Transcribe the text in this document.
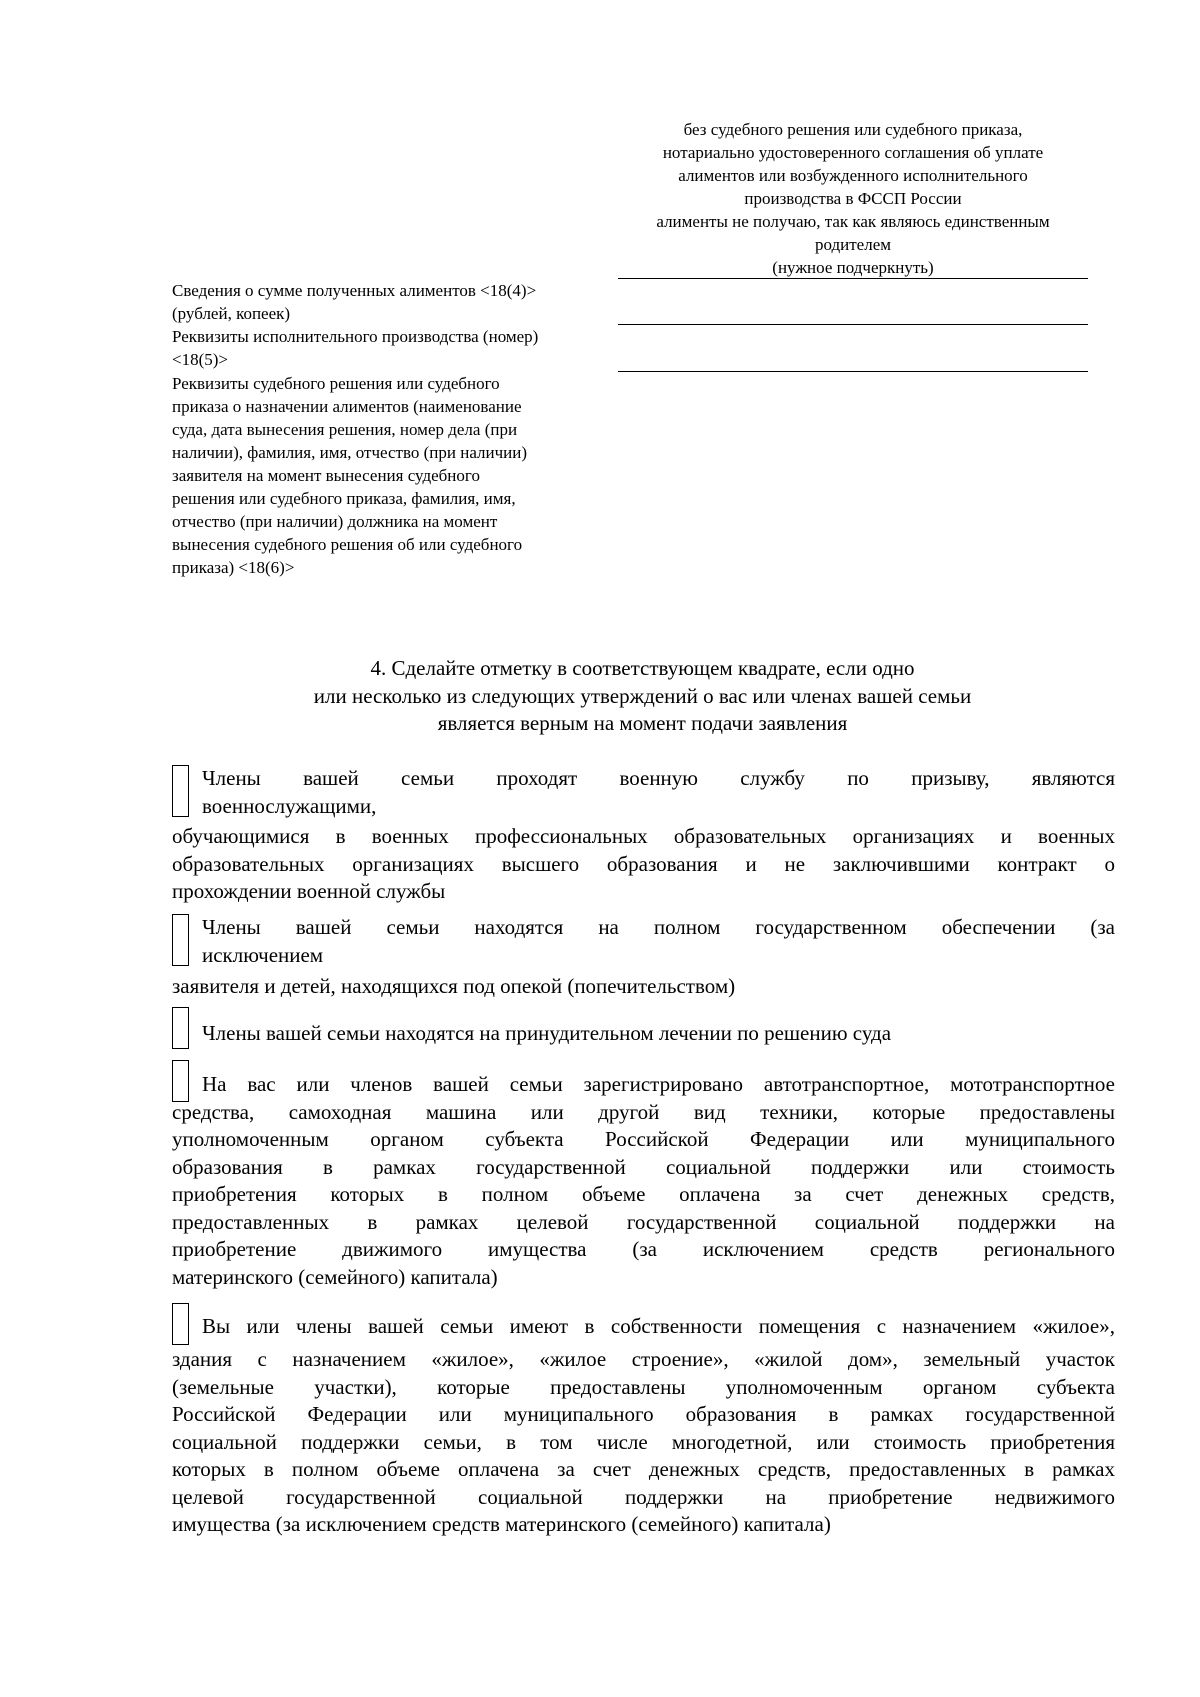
без судебного решения или судебного приказа,
нотариально удостоверенного соглашения об уплате
алиментов или возбужденного исполнительного
производства в ФССП России
алименты не получаю, так как являюсь единственным
родителем
(нужное подчеркнуть)
Сведения о сумме полученных алиментов <18(4)>
(рублей, копеек)
Реквизиты исполнительного производства (номер)
<18(5)>
Реквизиты судебного решения или судебного
приказа о назначении алиментов (наименование
суда, дата вынесения решения, номер дела (при
наличии), фамилия, имя, отчество (при наличии)
заявителя на момент вынесения судебного
решения или судебного приказа, фамилия, имя,
отчество (при наличии) должника на момент
вынесения судебного решения об или судебного
приказа) <18(6)>
4. Сделайте отметку в соответствующем квадрате, если одно
или несколько из следующих утверждений о вас или членах вашей семьи
является верным на момент подачи заявления
Члены вашей семьи проходят военную службу по призыву, являются
военнослужащими,
обучающимися в военных профессиональных образовательных организациях и военных
образовательных организациях высшего образования и не заключившими контракт о
прохождении военной службы
Члены вашей семьи находятся на полном государственном обеспечении (за
исключением
заявителя и детей, находящихся под опекой (попечительством)
Члены вашей семьи находятся на принудительном лечении по решению суда
На вас или членов вашей семьи зарегистрировано автотранспортное, мототранспортное
средства, самоходная машина или другой вид техники, которые предоставлены
уполномоченным органом субъекта Российской Федерации или муниципального
образования в рамках государственной социальной поддержки или стоимость
приобретения которых в полном объеме оплачена за счет денежных средств,
предоставленных в рамках целевой государственной социальной поддержки на
приобретение движимого имущества (за исключением средств регионального
материнского (семейного) капитала)
Вы или члены вашей семьи имеют в собственности помещения с назначением «жилое»,
здания с назначением «жилое», «жилое строение», «жилой дом», земельный участок
(земельные участки), которые предоставлены уполномоченным органом субъекта
Российской Федерации или муниципального образования в рамках государственной
социальной поддержки семьи, в том числе многодетной, или стоимость приобретения
которых в полном объеме оплачена за счет денежных средств, предоставленных в рамках
целевой государственной социальной поддержки на приобретение недвижимого
имущества (за исключением средств материнского (семейного) капитала)
